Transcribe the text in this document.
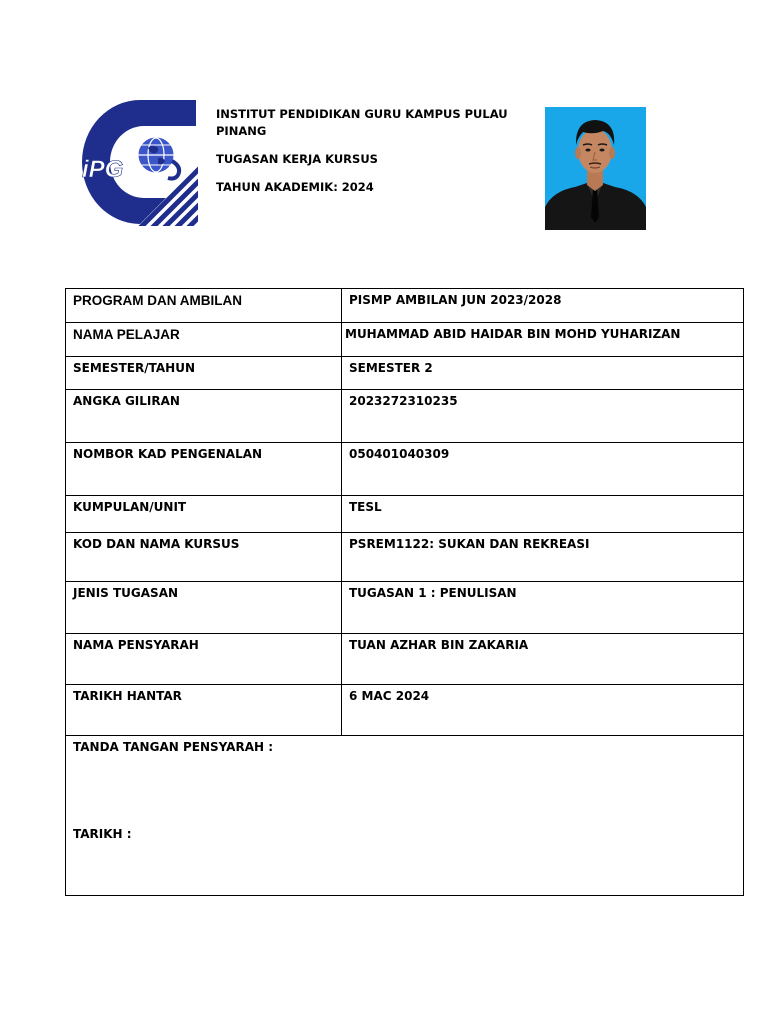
iPG
INSTITUT PENDIDIKAN GURU KAMPUS PULAU
PINANG
TUGASAN KERJA KURSUS
TAHUN AKADEMIK: 2024
PROGRAM DAN AMBILAN	PISMP AMBILAN JUN 2023/2028
NAMA PELAJAR	MUHAMMAD ABID HAIDAR BIN MOHD YUHARIZAN
SEMESTER/TAHUN	SEMESTER 2
ANGKA GILIRAN	2023272310235
NOMBOR KAD PENGENALAN	050401040309
KUMPULAN/UNIT	TESL
KOD DAN NAMA KURSUS	PSREM1122: SUKAN DAN REKREASI
JENIS TUGASAN	TUGASAN 1 : PENULISAN
NAMA PENSYARAH	TUAN AZHAR BIN ZAKARIA
TARIKH HANTAR	6 MAC 2024
TANDA TANGAN PENSYARAH :
TARIKH :	
